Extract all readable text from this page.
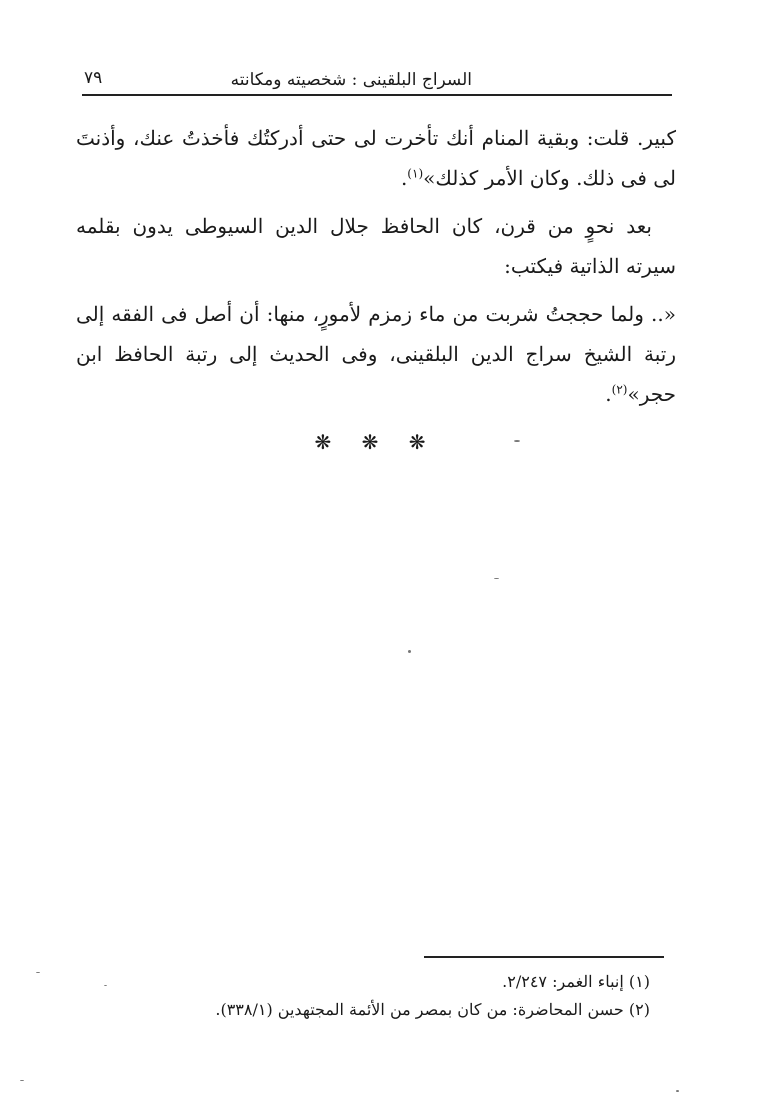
٧٩	السراج البلقينى : شخصيته ومكانته

كبير. قلت: وبقية المنام أنك تأخرت لى حتى أدركتُك فأخذتُ عنك، وأذنتَ لى فى ذلك. وكان الأمر كذلك»$^{(١)}$.

بعد نحوٍ من قرن، كان الحافظ جلال الدين السيوطى يدون بقلمه سيرته الذاتية فيكتب:

«.. ولما حججتُ شربت من ماء زمزم لأمورٍ، منها: أن أصل فى الفقه إلى رتبة الشيخ سراج الدين البلقينى، وفى الحديث إلى رتبة الحافظ ابن حجر»$^{(٢)}$.

❋ ❋ ❋
(١) إنباء الغمر: ٢/٢٤٧.
(٢) حسن المحاضرة: من كان بمصر من الأئمة المجتهدين (٣٣٨/١).
